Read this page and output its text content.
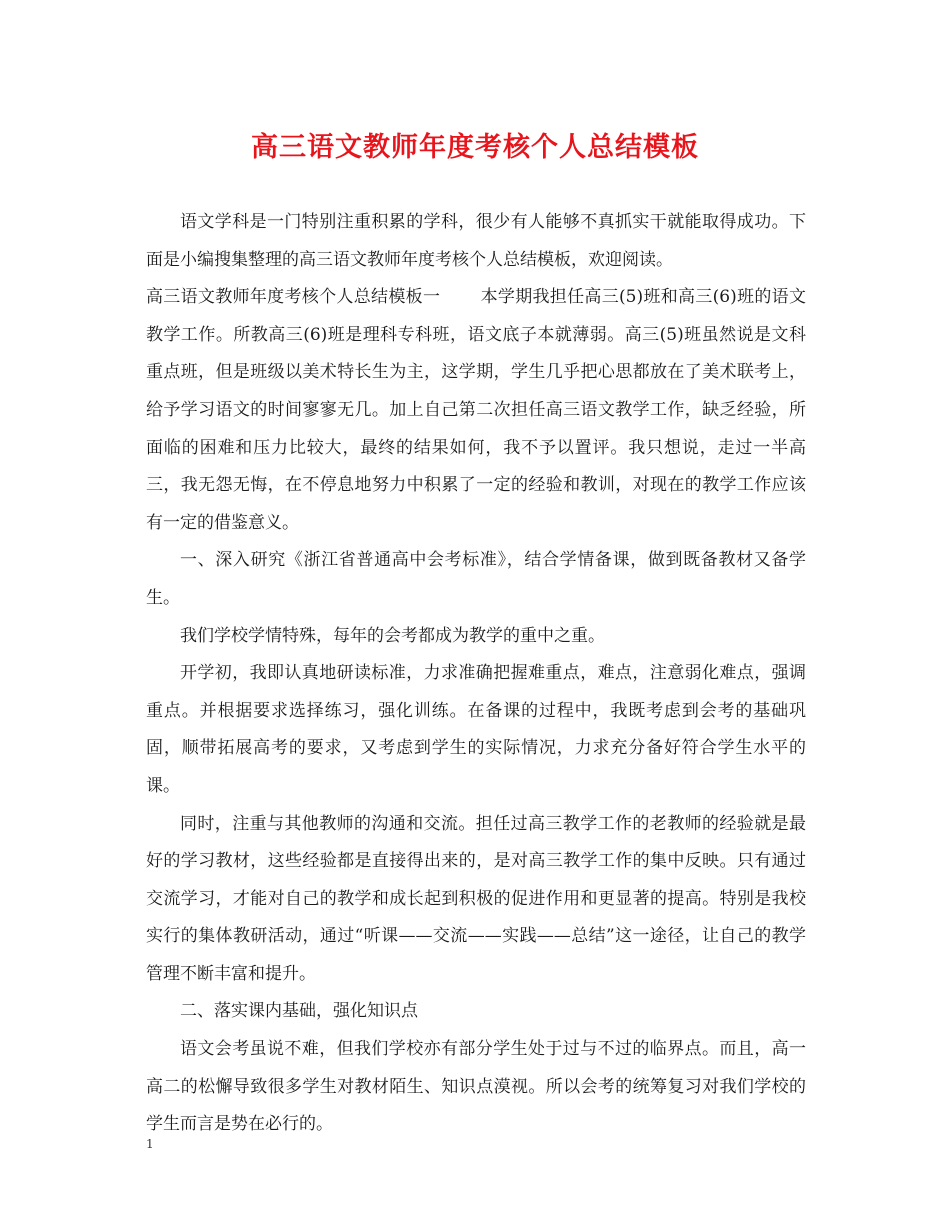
高三语文教师年度考核个人总结模板

语文学科是一门特别注重积累的学科，很少有人能够不真抓实干就能取得成功。下面是小编搜集整理的高三语文教师年度考核个人总结模板，欢迎阅读。

高三语文教师年度考核个人总结模板一 本学期我担任高三(5)班和高三(6)班的语文教学工作。所教高三(6)班是理科专科班，语文底子本就薄弱。高三(5)班虽然说是文科重点班，但是班级以美术特长生为主，这学期，学生几乎把心思都放在了美术联考上，给予学习语文的时间寥寥无几。加上自己第二次担任高三语文教学工作，缺乏经验，所面临的困难和压力比较大，最终的结果如何，我不予以置评。我只想说，走过一半高三，我无怨无悔，在不停息地努力中积累了一定的经验和教训，对现在的教学工作应该有一定的借鉴意义。

一、深入研究《浙江省普通高中会考标准》，结合学情备课，做到既备教材又备学生。

我们学校学情特殊，每年的会考都成为教学的重中之重。

开学初，我即认真地研读标准，力求准确把握难重点，难点，注意弱化难点，强调重点。并根据要求选择练习，强化训练。在备课的过程中，我既考虑到会考的基础巩固，顺带拓展高考的要求，又考虑到学生的实际情况，力求充分备好符合学生水平的课。

同时，注重与其他教师的沟通和交流。担任过高三教学工作的老教师的经验就是最好的学习教材，这些经验都是直接得出来的，是对高三教学工作的集中反映。只有通过交流学习，才能对自己的教学和成长起到积极的促进作用和更显著的提高。特别是我校实行的集体教研活动，通过“听课——交流——实践——总结”这一途径，让自己的教学管理不断丰富和提升。

二、落实课内基础，强化知识点

语文会考虽说不难，但我们学校亦有部分学生处于过与不过的临界点。而且，高一高二的松懈导致很多学生对教材陌生、知识点漠视。所以会考的统筹复习对我们学校的学生而言是势在必行的。

1
